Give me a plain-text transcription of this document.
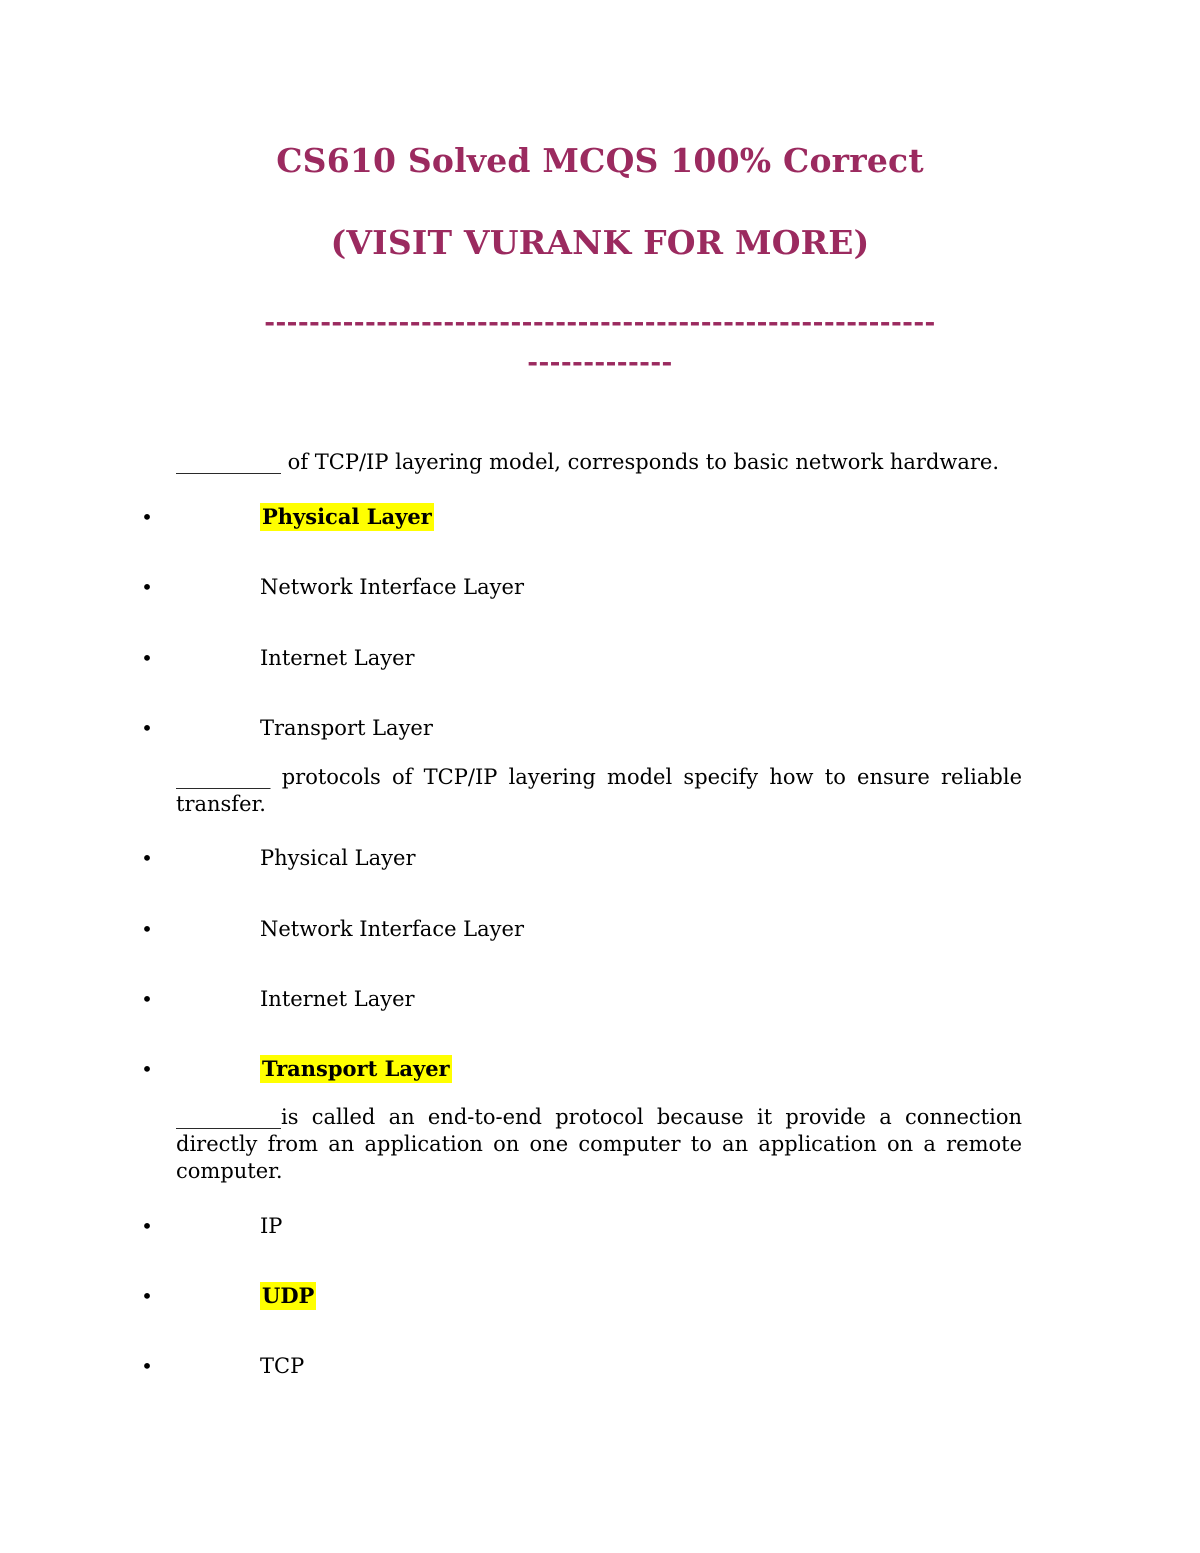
CS610 Solved MCQS 100% Correct
(VISIT VURANK FOR MORE)
------------------------------------------------------------
-------------
__________ of TCP/IP layering model, corresponds to basic network hardware.
•	Physical Layer
•	Network Interface Layer
•	Internet Layer
•	Transport Layer
_________ protocols of TCP/IP layering model specify how to ensure reliable transfer.
•	Physical Layer
•	Network Interface Layer
•	Internet Layer
•	Transport Layer
__________is called an end-to-end protocol because it provide a connection directly from an application on one computer to an application on a remote computer.
•	IP
•	UDP
•	TCP
